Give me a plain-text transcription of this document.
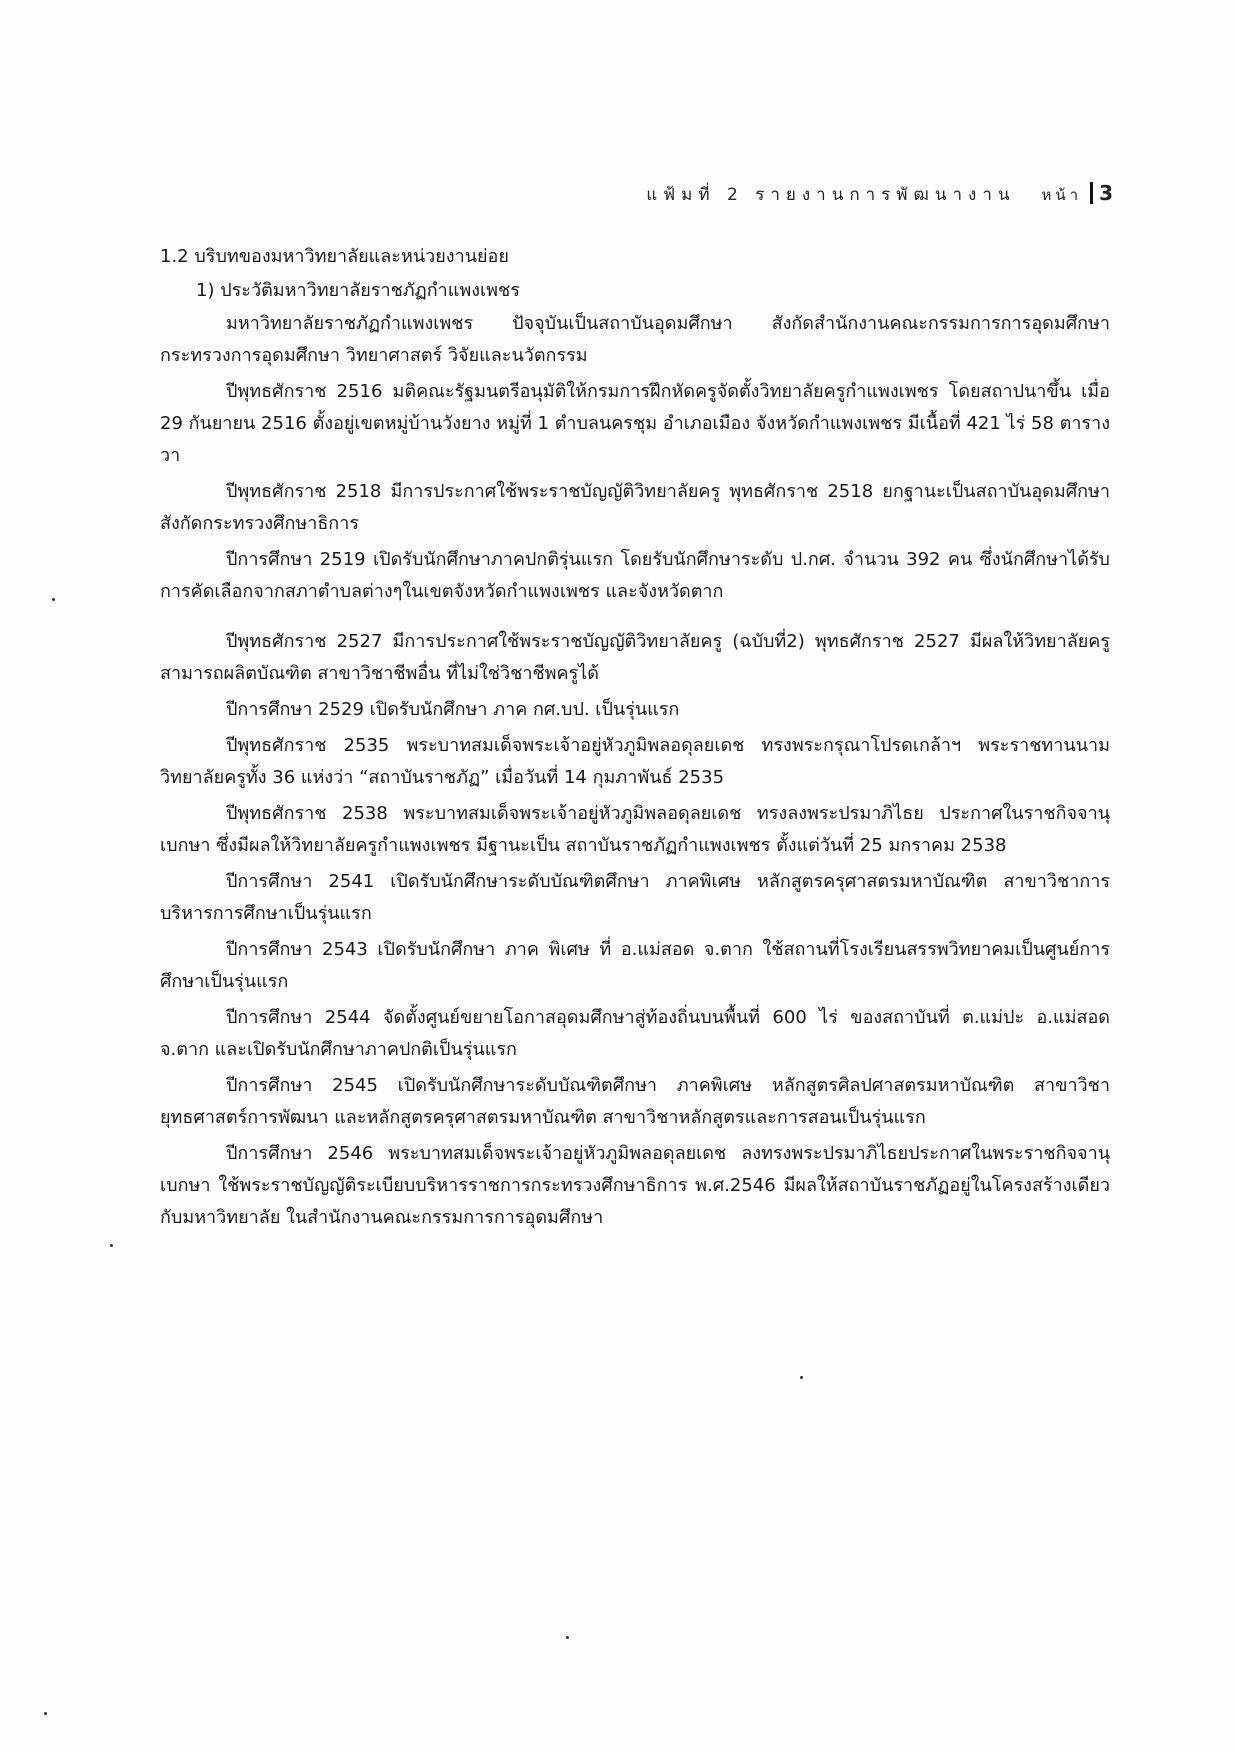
แฟ้มที่ 2 รายงานการพัฒนางาน หน้า 3

1.2 บริบทของมหาวิทยาลัยและหน่วยงานย่อย

1) ประวัติมหาวิทยาลัยราชภัฏกำแพงเพชร

มหาวิทยาลัยราชภัฏกำแพงเพชร ปัจจุบันเป็นสถาบันอุดมศึกษา สังกัดสำนักงานคณะกรรมการการอุดมศึกษา กระทรวงการอุดมศึกษา วิทยาศาสตร์ วิจัยและนวัตกรรม

ปีพุทธศักราช 2516 มติคณะรัฐมนตรีอนุมัติให้กรมการฝึกหัดครูจัดตั้งวิทยาลัยครูกำแพงเพชร โดยสถาปนาขึ้น เมื่อ 29 กันยายน 2516 ตั้งอยู่เขตหมู่บ้านวังยาง หมู่ที่ 1 ตำบลนครชุม อำเภอเมือง จังหวัดกำแพงเพชร มีเนื้อที่ 421 ไร่ 58 ตารางวา

ปีพุทธศักราช 2518 มีการประกาศใช้พระราชบัญญัติวิทยาลัยครู พุทธศักราช 2518 ยกฐานะเป็นสถาบันอุดมศึกษา สังกัดกระทรวงศึกษาธิการ

ปีการศึกษา 2519 เปิดรับนักศึกษาภาคปกติรุ่นแรก โดยรับนักศึกษาระดับ ป.กศ. จำนวน 392 คน ซึ่งนักศึกษาได้รับการคัดเลือกจากสภาตำบลต่างๆในเขตจังหวัดกำแพงเพชร และจังหวัดตาก

ปีพุทธศักราช 2527 มีการประกาศใช้พระราชบัญญัติวิทยาลัยครู (ฉบับที่2) พุทธศักราช 2527 มีผลให้วิทยาลัยครูสามารถผลิตบัณฑิต สาขาวิชาชีพอื่น ที่ไม่ใช่วิชาชีพครูได้

ปีการศึกษา 2529 เปิดรับนักศึกษา ภาค กศ.บป. เป็นรุ่นแรก

ปีพุทธศักราช 2535 พระบาทสมเด็จพระเจ้าอยู่หัวภูมิพลอดุลยเดช ทรงพระกรุณาโปรดเกล้าฯ พระราชทานนามวิทยาลัยครูทั้ง 36 แห่งว่า “สถาบันราชภัฏ” เมื่อวันที่ 14 กุมภาพันธ์ 2535

ปีพุทธศักราช 2538 พระบาทสมเด็จพระเจ้าอยู่หัวภูมิพลอดุลยเดช ทรงลงพระปรมาภิไธย ประกาศในราชกิจจานุเบกษา ซึ่งมีผลให้วิทยาลัยครูกำแพงเพชร มีฐานะเป็น สถาบันราชภัฏกำแพงเพชร ตั้งแต่วันที่ 25 มกราคม 2538

ปีการศึกษา 2541 เปิดรับนักศึกษาระดับบัณฑิตศึกษา ภาคพิเศษ หลักสูตรครุศาสตรมหาบัณฑิต สาขาวิชาการบริหารการศึกษาเป็นรุ่นแรก

ปีการศึกษา 2543 เปิดรับนักศึกษา ภาค พิเศษ ที่ อ.แม่สอด จ.ตาก ใช้สถานที่โรงเรียนสรรพวิทยาคมเป็นศูนย์การศึกษาเป็นรุ่นแรก

ปีการศึกษา 2544 จัดตั้งศูนย์ขยายโอกาสอุดมศึกษาสู่ท้องถิ่นบนพื้นที่ 600 ไร่ ของสถาบันที่ ต.แม่ปะ อ.แม่สอด จ.ตาก และเปิดรับนักศึกษาภาคปกติเป็นรุ่นแรก

ปีการศึกษา 2545 เปิดรับนักศึกษาระดับบัณฑิตศึกษา ภาคพิเศษ หลักสูตรศิลปศาสตรมหาบัณฑิต สาขาวิชายุทธศาสตร์การพัฒนา และหลักสูตรครุศาสตรมหาบัณฑิต สาขาวิชาหลักสูตรและการสอนเป็นรุ่นแรก

ปีการศึกษา 2546 พระบาทสมเด็จพระเจ้าอยู่หัวภูมิพลอดุลยเดช ลงทรงพระปรมาภิไธยประกาศในพระราชกิจจานุเบกษา ใช้พระราชบัญญัติระเบียบบริหารราชการกระทรวงศึกษาธิการ พ.ศ.2546 มีผลให้สถาบันราชภัฏอยู่ในโครงสร้างเดียวกับมหาวิทยาลัย ในสำนักงานคณะกรรมการการอุดมศึกษา
